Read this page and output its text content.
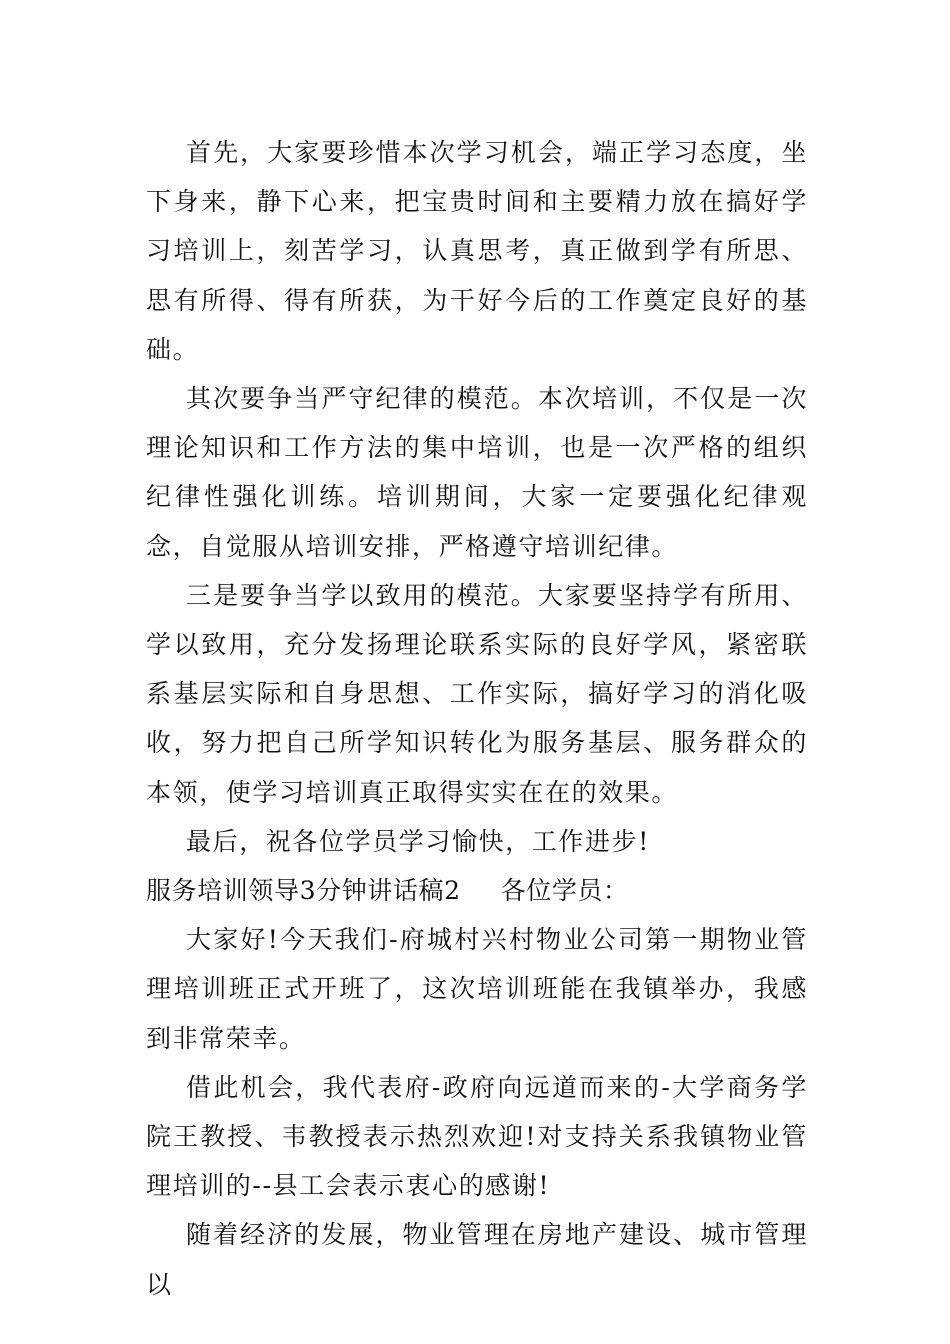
首先，大家要珍惜本次学习机会，端正学习态度，坐下身来，静下心来，把宝贵时间和主要精力放在搞好学习培训上，刻苦学习，认真思考，真正做到学有所思、思有所得、得有所获，为干好今后的工作奠定良好的基础。

其次要争当严守纪律的模范。本次培训，不仅是一次理论知识和工作方法的集中培训，也是一次严格的组织纪律性强化训练。培训期间，大家一定要强化纪律观念，自觉服从培训安排，严格遵守培训纪律。

三是要争当学以致用的模范。大家要坚持学有所用、学以致用，充分发扬理论联系实际的良好学风，紧密联系基层实际和自身思想、工作实际，搞好学习的消化吸收，努力把自己所学知识转化为服务基层、服务群众的本领，使学习培训真正取得实实在在的效果。

最后，祝各位学员学习愉快，工作进步!

服务培训领导3分钟讲话稿2 各位学员：

大家好!今天我们-府城村兴村物业公司第一期物业管理培训班正式开班了，这次培训班能在我镇举办，我感到非常荣幸。

借此机会，我代表府-政府向远道而来的-大学商务学院王教授、韦教授表示热烈欢迎!对支持关系我镇物业管理培训的--县工会表示衷心的感谢!

随着经济的发展，物业管理在房地产建设、城市管理以
